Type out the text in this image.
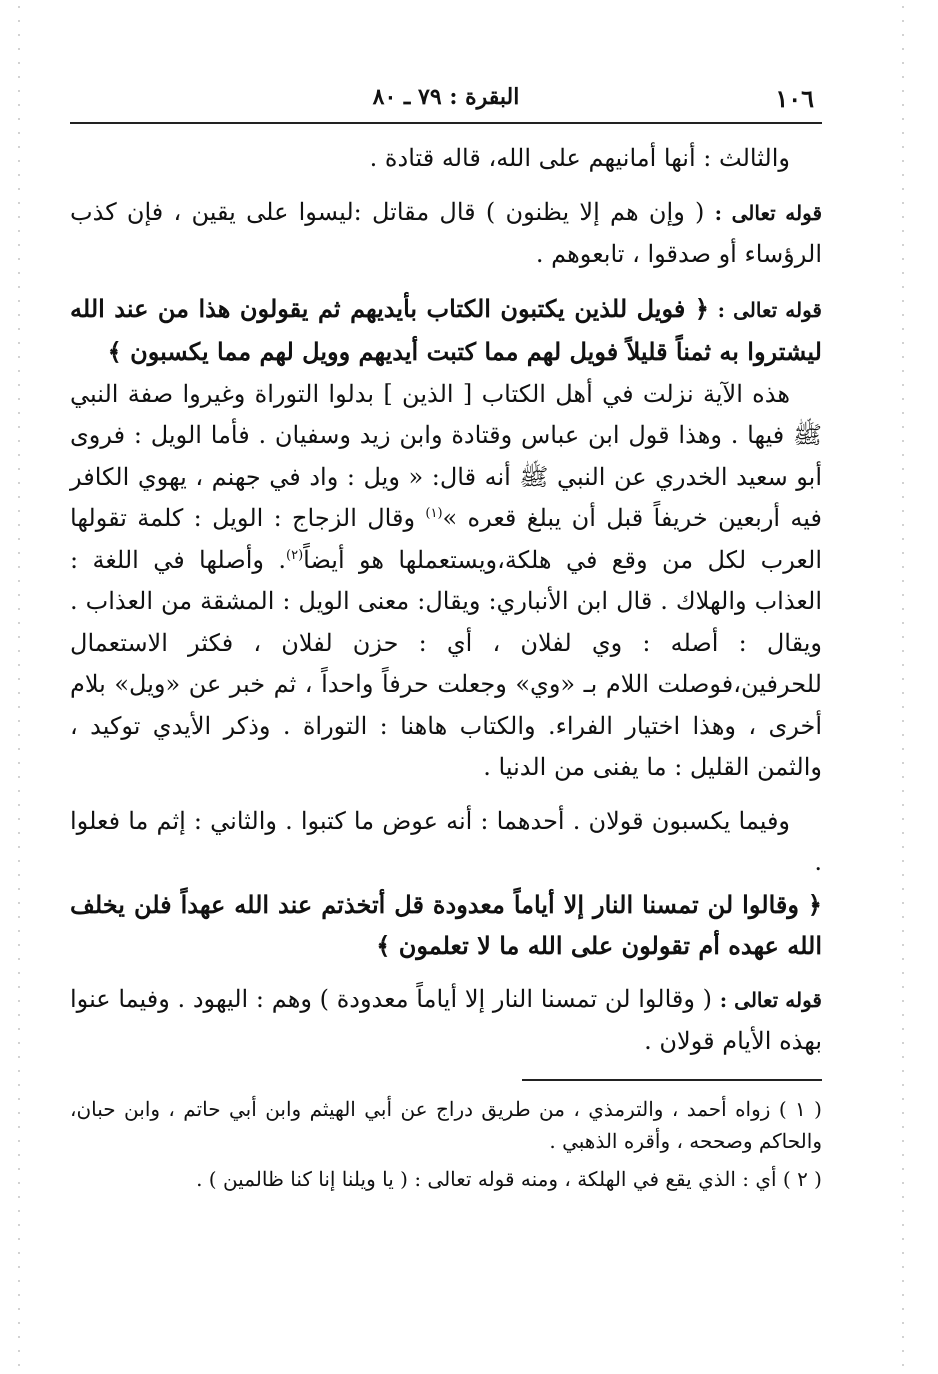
١٠٦
البقرة : ٧٩ ـ ٨٠

والثالث : أنها أمانيهم على الله، قاله قتادة .

قوله تعالى : ( وإن هم إلا يظنون ) قال مقاتل :ليسوا على يقين ، فإن كذب الرؤساء أو صدقوا ، تابعوهم .

قوله تعالى : ﴿ فويل للذين يكتبون الكتاب بأيديهم ثم يقولون هذا من عند الله ليشتروا به ثمناً قليلاً فويل لهم مما كتبت أيديهم وويل لهم مما يكسبون ﴾

هذه الآية نزلت في أهل الكتاب [ الذين ] بدلوا التوراة وغيروا صفة النبي ﷺ فيها . وهذا قول ابن عباس وقتادة وابن زيد وسفيان . فأما الويل : فروى أبو سعيد الخدري عن النبي ﷺ أنه قال: « ويل : واد في جهنم ، يهوي الكافر فيه أربعين خريفاً قبل أن يبلغ قعره »$^{(١)}$ وقال الزجاج : الويل : كلمة تقولها العرب لكل من وقع في هلكة،ويستعملها هو أيضاً$^{(٢)}$. وأصلها في اللغة : العذاب والهلاك . قال ابن الأنباري: ويقال: معنى الويل : المشقة من العذاب . ويقال : أصله : وي لفلان ، أي : حزن لفلان ، فكثر الاستعمال للحرفين،فوصلت اللام بـ «وي» وجعلت حرفاً واحداً ، ثم خبر عن «ويل» بلام أخرى ، وهذا اختيار الفراء. والكتاب هاهنا : التوراة . وذكر الأيدي توكيد ، والثمن القليل : ما يفنى من الدنيا .

وفيما يكسبون قولان . أحدهما : أنه عوض ما كتبوا . والثاني : إثم ما فعلوا .

﴿ وقالوا لن تمسنا النار إلا أياماً معدودة قل أتخذتم عند الله عهداً فلن يخلف الله عهده أم تقولون على الله ما لا تعلمون ﴾

قوله تعالى : ( وقالوا لن تمسنا النار إلا أياماً معدودة ) وهم : اليهود . وفيما عنوا بهذه الأيام قولان .

( ١ ) زواه أحمد ، والترمذي ، من طريق دراج عن أبي الهيثم وابن أبي حاتم ، وابن حبان، والحاكم وصححه ، وأقره الذهبي .

( ٢ ) أي : الذي يقع في الهلكة ، ومنه قوله تعالى : ( يا ويلنا إنا كنا ظالمين ) .
